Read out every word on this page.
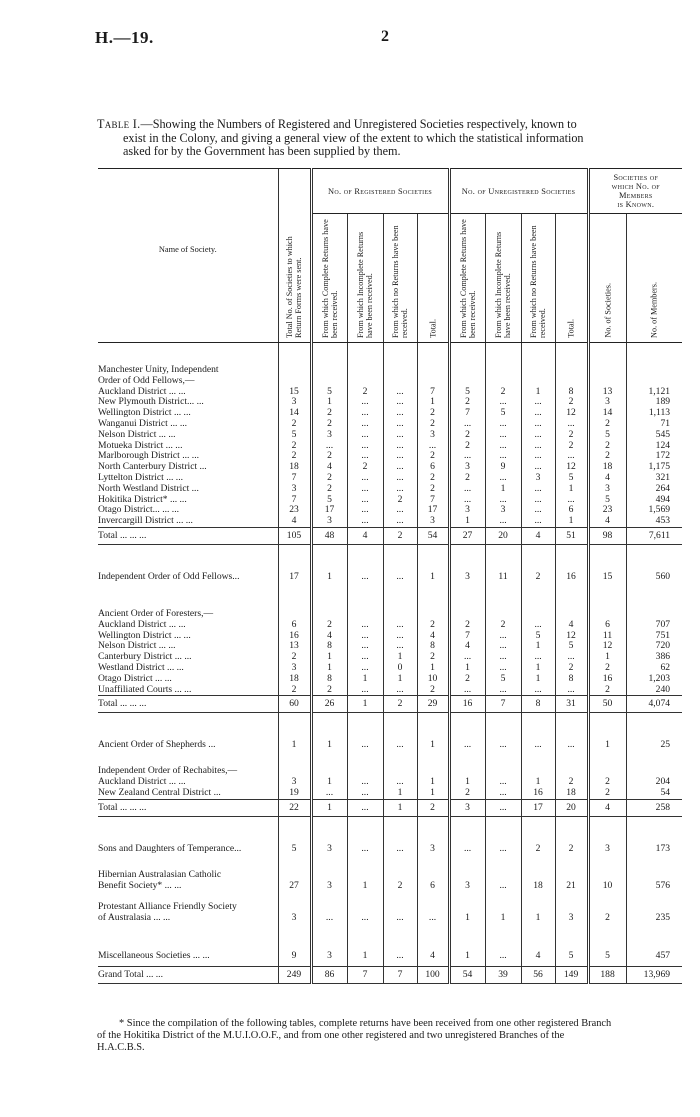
H.—19.	2
Table I.—Showing the Numbers of Registered and Unregistered Societies respectively, known to
exist in the Colony, and giving a general view of the extent to which the statistical information
asked for by the Government has been supplied by them.
Name of Society.	Total No. of Societies to which Return Forms were sent.	No. of Registered Societies				No. of Unregistered Societies				Societies of
which No. of
Members
is Known.	

		From which Complete Returns have been received.	From which Incomplete Returns have been received.	From which no Returns have been received.	Total.	From which Complete Returns have been received.	From which Incomplete Returns have been received.	From which no Returns have been received.	Total.	No. of Societies.	No. of Members.

Manchester Unity, Independent											
Order of Odd Fellows,—											
Auckland District ... ...	15	5	2	...	7	5	2	1	8	13	1,121
New Plymouth District... ...	3	1	...	...	1	2	...	...	2	3	189
Wellington District ... ...	14	2	...	...	2	7	5	...	12	14	1,113
Wanganui District ... ...	2	2	...	...	2	...	...	...	...	2	71
Nelson District ... ...	5	3	...	...	3	2	...	...	2	5	545
Motueka District ... ...	2	...	...	...	...	2	...	...	2	2	124
Marlborough District ... ...	2	2	...	...	2	...	...	...	...	2	172
North Canterbury District ...	18	4	2	...	6	3	9	...	12	18	1,175
Lyttelton District ... ...	7	2	...	...	2	2	...	3	5	4	321
North Westland District ...	3	2	...	...	2	...	1	...	1	3	264
Hokitika District* ... ...	7	5	...	2	7	...	...	...	...	5	494
Otago District... ... ...	23	17	...	...	17	3	3	...	6	23	1,569
Invercargill District ... ...	4	3	...	...	3	1	...	...	1	4	453
Total ... ... ...	105	48	4	2	54	27	20	4	51	98	7,611

Independent Order of Odd Fellows...	17	1	...	...	1	3	11	2	16	15	560

Ancient Order of Foresters,—											
Auckland District ... ...	6	2	...	...	2	2	2	...	4	6	707
Wellington District ... ...	16	4	...	...	4	7	...	5	12	11	751
Nelson District ... ...	13	8	...	...	8	4	...	1	5	12	720
Canterbury District ... ...	2	1	...	1	2	...	...	...	...	1	386
Westland District ... ...	3	1	...	0	1	1	...	1	2	2	62
Otago District ... ...	18	8	1	1	10	2	5	1	8	16	1,203
Unaffiliated Courts ... ...	2	2	...	...	2	...	...	...	...	2	240
Total ... ... ...	60	26	1	2	29	16	7	8	31	50	4,074

Ancient Order of Shepherds ...	1	1	...	...	1	...	...	...	...	1	25

Independent Order of Rechabites,—											
Auckland District ... ...	3	1	...	...	1	1	...	1	2	2	204
New Zealand Central District ...	19	...	...	1	1	2	...	16	18	2	54
Total ... ... ...	22	1	...	1	2	3	...	17	20	4	258

Sons and Daughters of Temperance...	5	3	...	...	3	...	...	2	2	3	173

Hibernian Australasian Catholic											
Benefit Society* ... ...	27	3	1	2	6	3	...	18	21	10	576

Protestant Alliance Friendly Society											
of Australasia ... ...	3	...	...	...	...	1	1	1	3	2	235

Miscellaneous Societies ... ...	9	3	1	...	4	1	...	4	5	5	457
Grand Total ... ...	249	86	7	7	100	54	39	56	149	188	13,969
* Since the compilation of the following tables, complete returns have been received from one other registered Branch
of the Hokitika District of the M.U.I.O.O.F., and from one other registered and two unregistered Branches of the
H.A.C.B.S.
